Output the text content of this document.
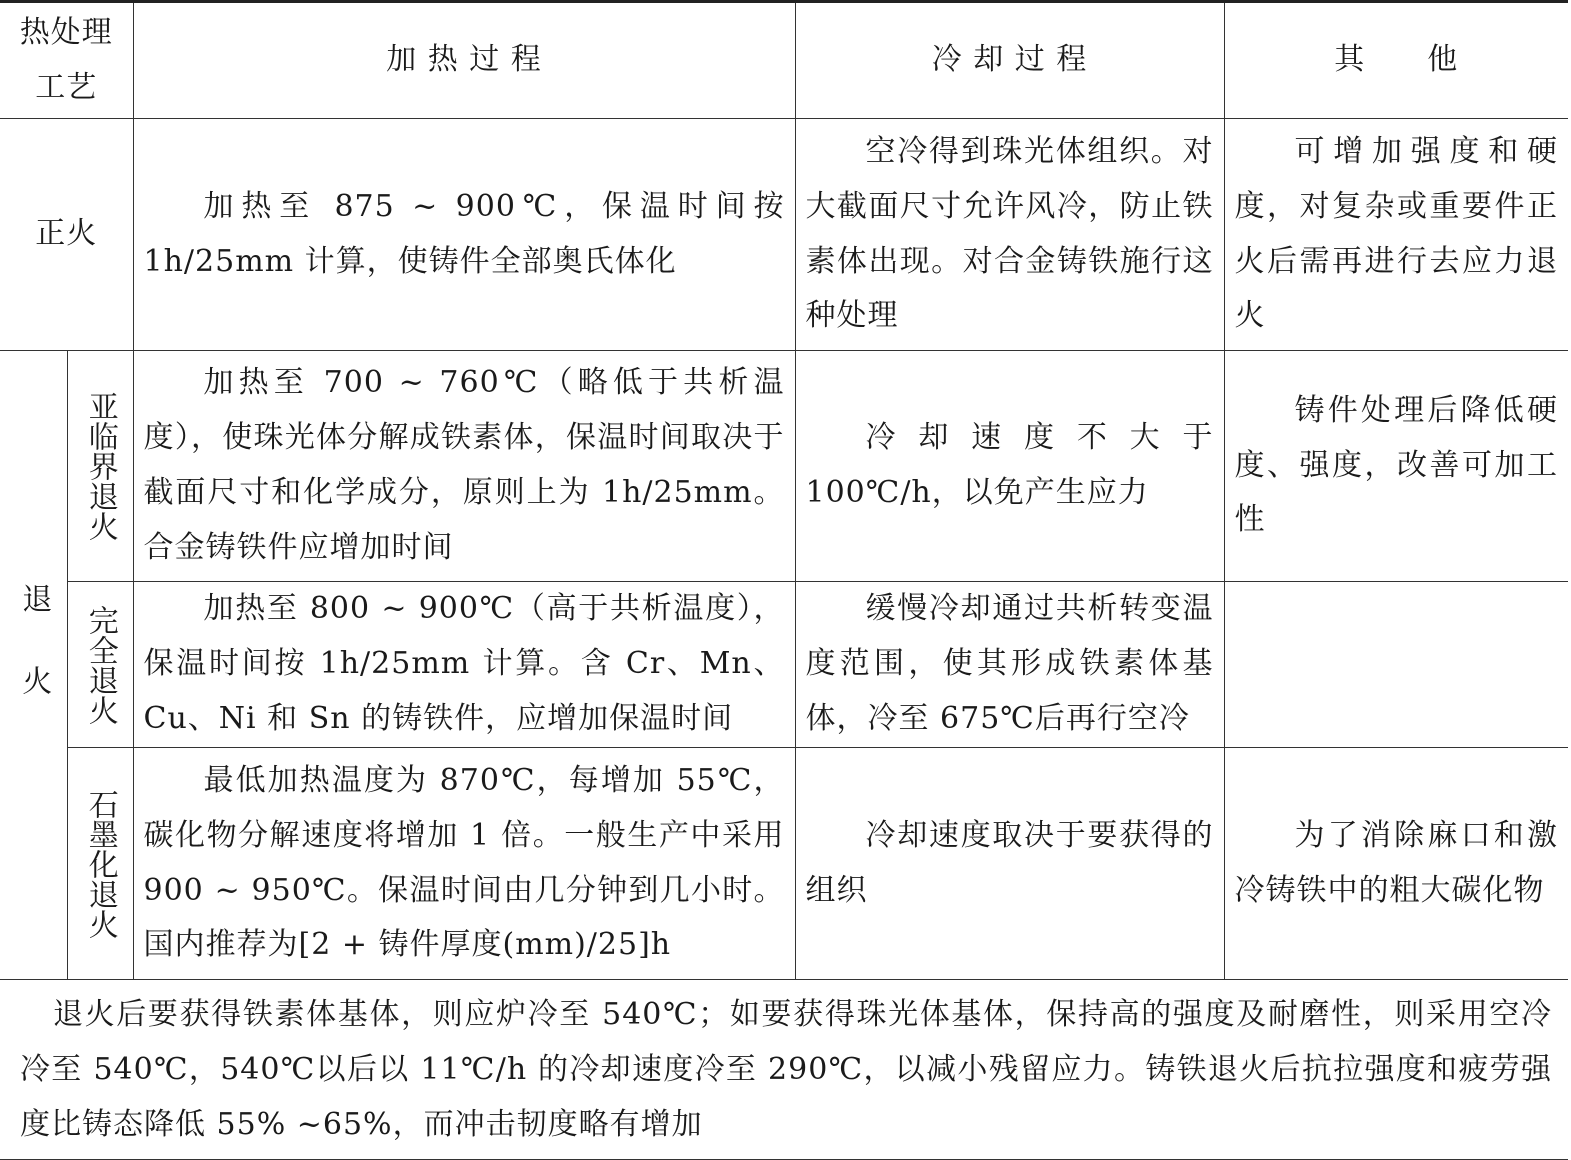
热处理
工艺		加 热 过 程	冷 却 过 程	其　　他
正火		加热至 875 ~ 900℃，保温时间按 1h/25mm 计算，使铸件全部奥氏体化	空冷得到珠光体组织。对大截面尺寸允许风冷，防止铁素体出现。对合金铸铁施行这种处理	可增加强度和硬度，对复杂或重要件正火后需再进行去应力退火

退火	亚临界退火	加热至 700 ~ 760℃（略低于共析温度），使珠光体分解成铁素体，保温时间取决于截面尺寸和化学成分，原则上为 1h/25mm。合金铸铁件应增加时间	冷却速度不大于 100℃/h，以免产生应力	铸件处理后降低硬度、强度，改善可加工性

	完全退火	加热至 800 ~ 900℃（高于共析温度），保温时间按 1h/25mm 计算。含 Cr、Mn、Cu、Ni 和 Sn 的铸铁件，应增加保温时间	缓慢冷却通过共析转变温度范围，使其形成铁素体基体，冷至 675℃后再行空冷	

	石墨化退火	最低加热温度为 870℃，每增加 55℃，碳化物分解速度将增加 1 倍。一般生产中采用 900 ~ 950℃。保温时间由几分钟到几小时。国内推荐为[2 + 铸件厚度(mm)/25]h	冷却速度取决于要获得的组织	为了消除麻口和激冷铸铁中的粗大碳化物
退火后要获得铁素体基体，则应炉冷至 540℃；如要获得珠光体基体，保持高的强度及耐磨性，则采用空冷冷至 540℃，540℃以后以 11℃/h 的冷却速度冷至 290℃，以减小残留应力。铸铁退火后抗拉强度和疲劳强度比铸态降低 55% ~65%，而冲击韧度略有增加				
